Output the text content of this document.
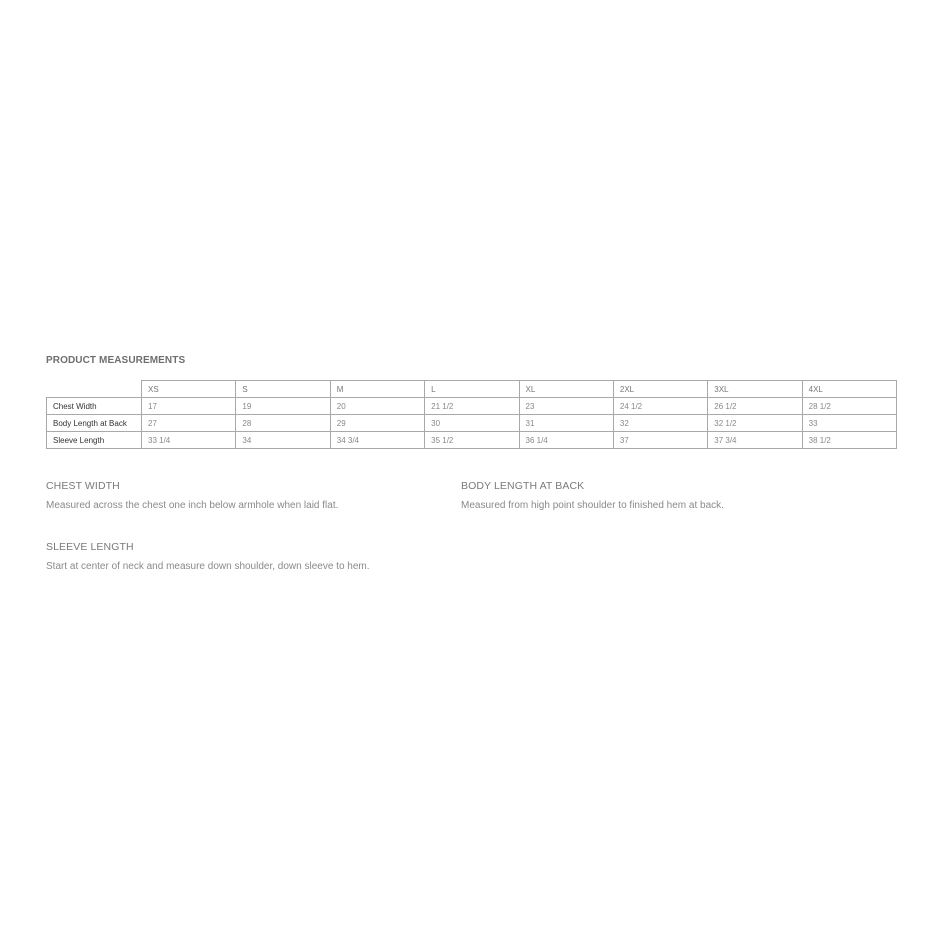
PRODUCT MEASUREMENTS
	XS	S	M	L	XL	2XL	3XL	4XL
Chest Width	17	19	20	21 1/2	23	24 1/2	26 1/2	28 1/2
Body Length at Back	27	28	29	30	31	32	32 1/2	33
Sleeve Length	33 1/4	34	34 3/4	35 1/2	36 1/4	37	37 3/4	38 1/2
CHEST WIDTH

Measured across the chest one inch below armhole when laid flat.

BODY LENGTH AT BACK

Measured from high point shoulder to finished hem at back.

SLEEVE LENGTH

Start at center of neck and measure down shoulder, down sleeve to hem.
